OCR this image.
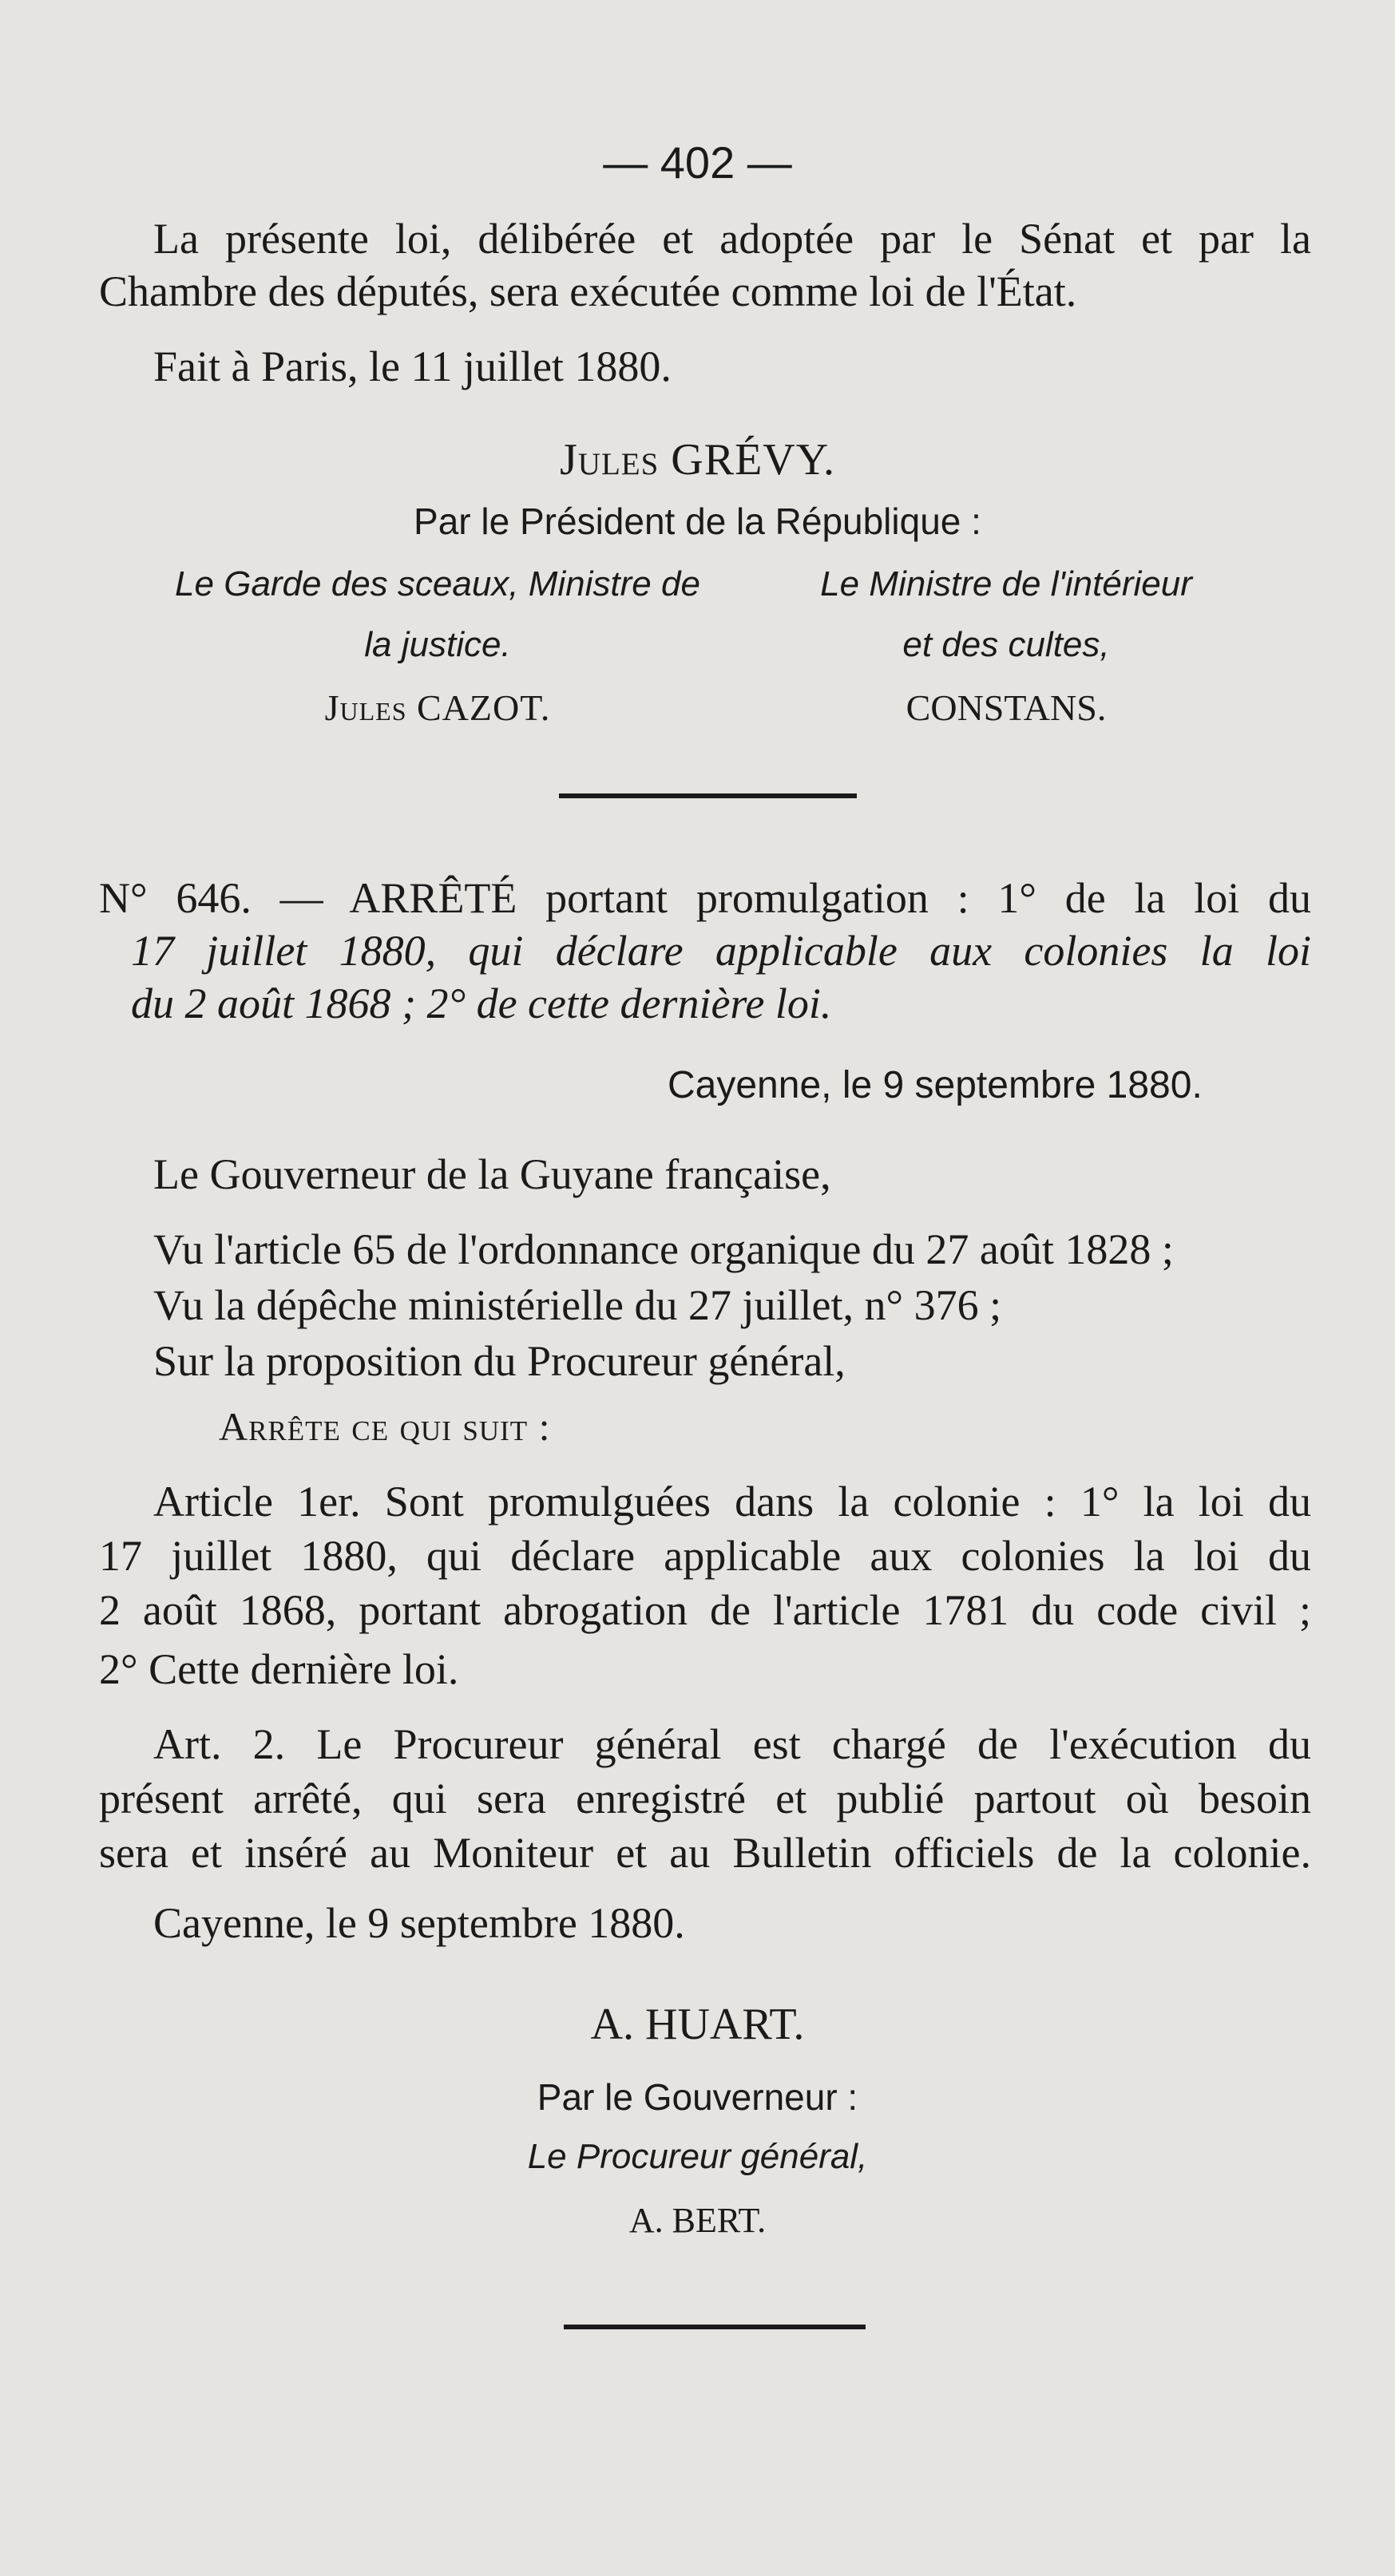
— 402 —
La présente loi, délibérée et adoptée par le Sénat et par la
Chambre des députés, sera exécutée comme loi de l'État.
Fait à Paris, le 11 juillet 1880.
Jules GRÉVY.
Par le Président de la République :
Le Garde des sceaux, Ministre de
la justice.
Jules CAZOT.
Le Ministre de l'intérieur
et des cultes,
CONSTANS.
N° 646. — ARRÊTÉ portant promulgation : 1° de la loi du
17 juillet 1880, qui déclare applicable aux colonies la loi
du 2 août 1868 ; 2° de cette dernière loi.
Cayenne, le 9 septembre 1880.
Le Gouverneur de la Guyane française,
Vu l'article 65 de l'ordonnance organique du 27 août 1828 ;
Vu la dépêche ministérielle du 27 juillet, n° 376 ;
Sur la proposition du Procureur général,
Arrête ce qui suit :
Article 1er. Sont promulguées dans la colonie : 1° la loi du
17 juillet 1880, qui déclare applicable aux colonies la loi du
2 août 1868, portant abrogation de l'article 1781 du code civil ;
2° Cette dernière loi.
Art. 2. Le Procureur général est chargé de l'exécution du
présent arrêté, qui sera enregistré et publié partout où besoin
sera et inséré au Moniteur et au Bulletin officiels de la colonie.
Cayenne, le 9 septembre 1880.
A. HUART.
Par le Gouverneur :
Le Procureur général,
A. BERT.
